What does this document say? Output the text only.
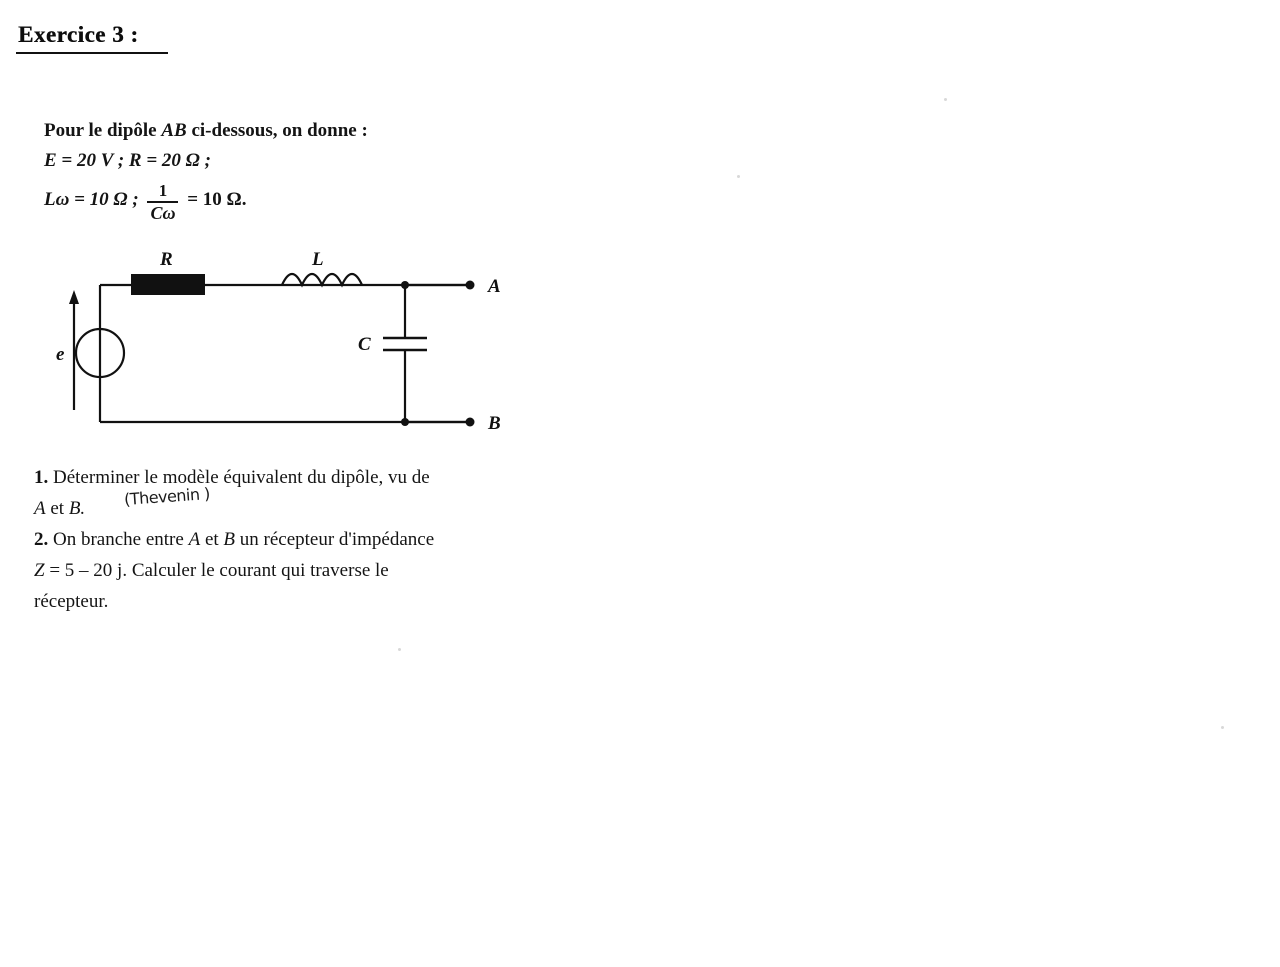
Exercice 3 :
Pour le dipôle AB ci-dessous, on donne :
E = 20 V ; R = 20 Ω ;
Lω = 10 Ω ; $\frac{1}{C\omega} = 10$ Ω.
R	L
C
e
A
B
1. Déterminer le modèle équivalent du dipôle, vu de
A et B.
2. On branche entre A et B un récepteur d'impédance
Z = 5 – 20 j. Calculer le courant qui traverse le
récepteur.
(Thevenin )
